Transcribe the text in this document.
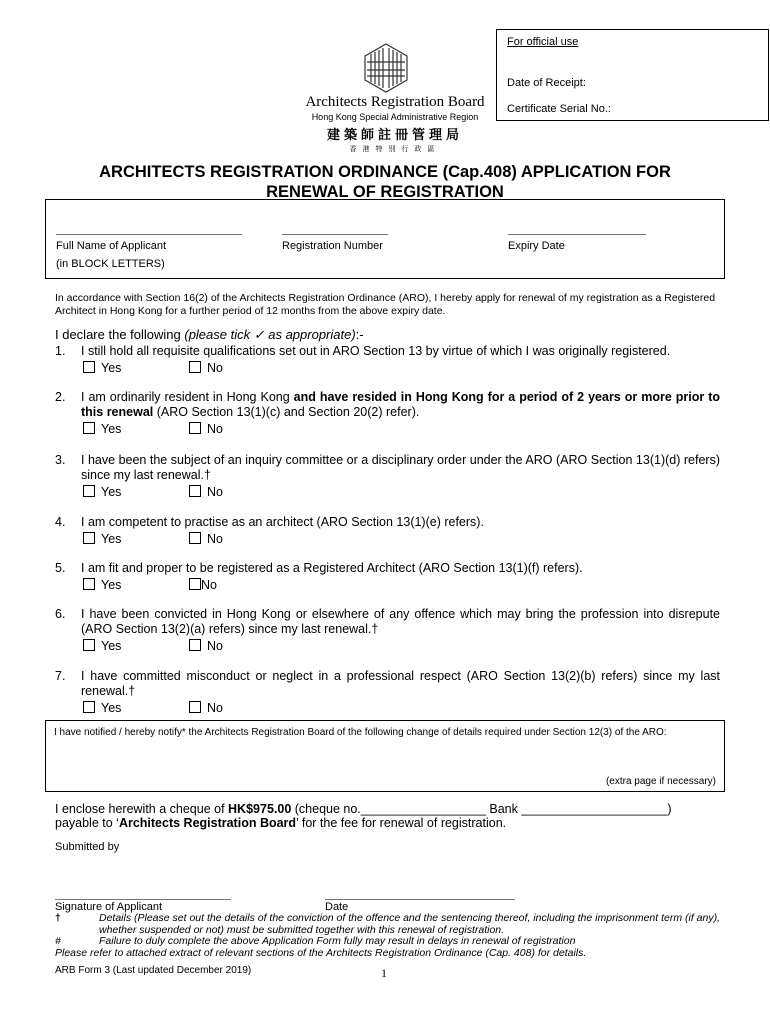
For official use
Date of Receipt:
Certificate Serial No.:
Architects Registration Board
Hong Kong Special Administrative Region
建築師註冊管理局
香港特別行政區
ARCHITECTS REGISTRATION ORDINANCE (Cap.408) APPLICATION FOR
RENEWAL OF REGISTRATION
Full Name of Applicant
(in BLOCK LETTERS)
Registration Number	Expiry Date
In accordance with Section 16(2) of the Architects Registration Ordinance (ARO), I hereby apply for renewal of my registration as a Registered Architect in Hong Kong for a further period of 12 months from the above expiry date.
I declare the following (please tick ✓ as appropriate):-
1. I still hold all requisite qualifications set out in ARO Section 13 by virtue of which I was originally registered.
Yes	No
2. I am ordinarily resident in Hong Kong and have resided in Hong Kong for a period of 2 years or more prior to this renewal (ARO Section 13(1)(c) and Section 20(2) refer).
Yes	No
3. I have been the subject of an inquiry committee or a disciplinary order under the ARO (ARO Section 13(1)(d) refers) since my last renewal.†
Yes	No
4. I am competent to practise as an architect (ARO Section 13(1)(e) refers).
Yes	No
5. I am fit and proper to be registered as a Registered Architect (ARO Section 13(1)(f) refers).
Yes	No
6. I have been convicted in Hong Kong or elsewhere of any offence which may bring the profession into disrepute (ARO Section 13(2)(a) refers) since my last renewal.†
Yes	No
7. I have committed misconduct or neglect in a professional respect (ARO Section 13(2)(b) refers) since my last renewal.†
Yes	No
I have notified / hereby notify* the Architects Registration Board of the following change of details required under Section 12(3) of the ARO:
(extra page if necessary)
I enclose herewith a cheque of HK$975.00 (cheque no.__________________ Bank _____________________)
payable to ‘Architects Registration Board’ for the fee for renewal of registration.
Submitted by
Signature of Applicant	Date
†	Details (Please set out the details of the conviction of the offence and the sentencing thereof, including the imprisonment term (if any), whether suspended or not) must be submitted together with this renewal of registration.
#	Failure to duly complete the above Application Form fully may result in delays in renewal of registration
Please refer to attached extract of relevant sections of the Architects Registration Ordinance (Cap. 408) for details.
ARB Form 3 (Last updated December 2019)	1
